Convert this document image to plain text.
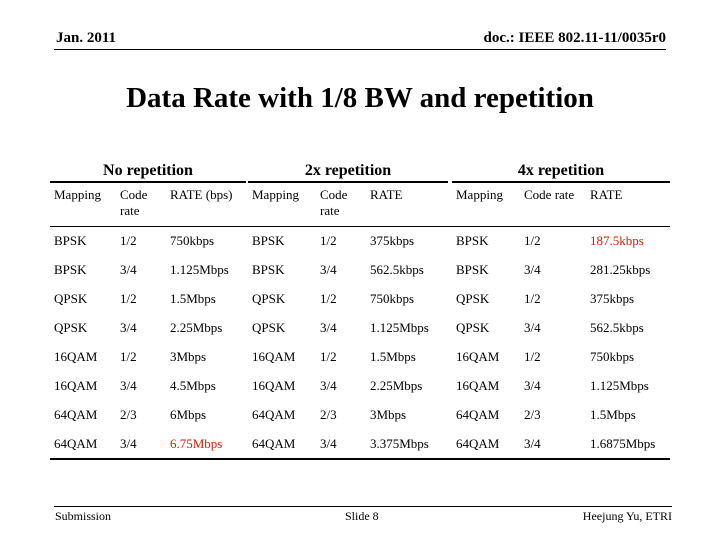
Jan. 2011	doc.: IEEE 802.11-11/0035r0
Data Rate with 1/8 BW and repetition
No repetition	2x repetition	4x repetition
Mapping	Code rate	RATE (bps)	Mapping	Code rate	RATE	Mapping	Code rate	RATE
BPSK	1/2	750kbps	BPSK	1/2	375kbps	BPSK	1/2	187.5kbps
BPSK	3/4	1.125Mbps	BPSK	3/4	562.5kbps	BPSK	3/4	281.25kbps
QPSK	1/2	1.5Mbps	QPSK	1/2	750kbps	QPSK	1/2	375kbps
QPSK	3/4	2.25Mbps	QPSK	3/4	1.125Mbps	QPSK	3/4	562.5kbps
16QAM	1/2	3Mbps	16QAM	1/2	1.5Mbps	16QAM	1/2	750kbps
16QAM	3/4	4.5Mbps	16QAM	3/4	2.25Mbps	16QAM	3/4	1.125Mbps
64QAM	2/3	6Mbps	64QAM	2/3	3Mbps	64QAM	2/3	1.5Mbps
64QAM	3/4	6.75Mbps	64QAM	3/4	3.375Mbps	64QAM	3/4	1.6875Mbps
Submission	Slide 8	Heejung Yu, ETRI
